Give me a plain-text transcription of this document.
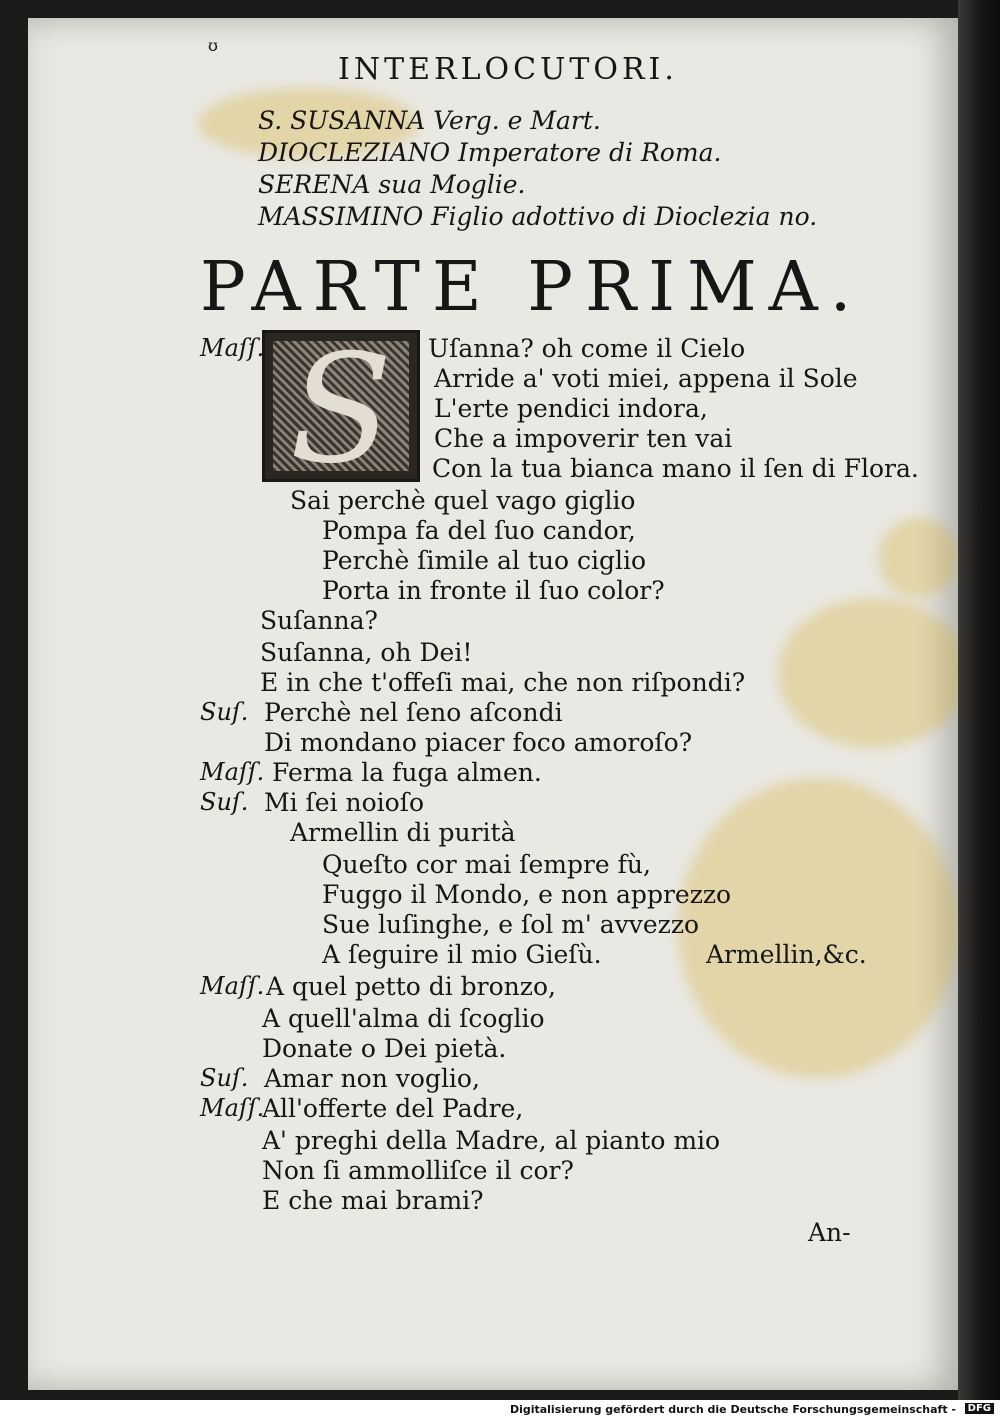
ʊ
INTERLOCUTORI.
S. SUSANNA Verg. e Mart.
DIOCLEZIANO Imperatore di Roma.
SERENA sua Moglie.
MASSIMINO Figlio adottivo di Dioclezia no.
PARTE PRIMA.
S
Maſſ.
Suſ.
Maſſ.
Suſ.
Maſſ.
Suſ.
Maſſ.
Uſanna? oh come il Cielo
Arride a' voti miei, appena il Sole
L'erte pendici indora,
Che a impoverir ten vai
Con la tua bianca mano il ſen di Flora.
Sai perchè quel vago giglio
Pompa fa del ſuo candor,
Perchè ſimile al tuo ciglio
Porta in fronte il ſuo color?
Suſanna?
Suſanna, oh Dei!
E in che t'offeſi mai, che non riſpondi?
Perchè nel ſeno aſcondi
Di mondano piacer foco amoroſo?
Ferma la fuga almen.
Mi ſei noioſo
Armellin di purità
Queſto cor mai ſempre fù,
Fuggo il Mondo, e non apprezzo
Sue luſinghe, e ſol m' avvezzo
A ſeguire il mio Gieſù.	Armellin,&c.
A quel petto di bronzo,
A quell'alma di ſcoglio
Donate o Dei pietà.
Amar non voglio,
All'offerte del Padre,
A' preghi della Madre, al pianto mio
Non ſi ammolliſce il cor?
E che mai brami?
An-
Digitalisierung gefördert durch die Deutsche Forschungsgemeinschaft -	DFG
